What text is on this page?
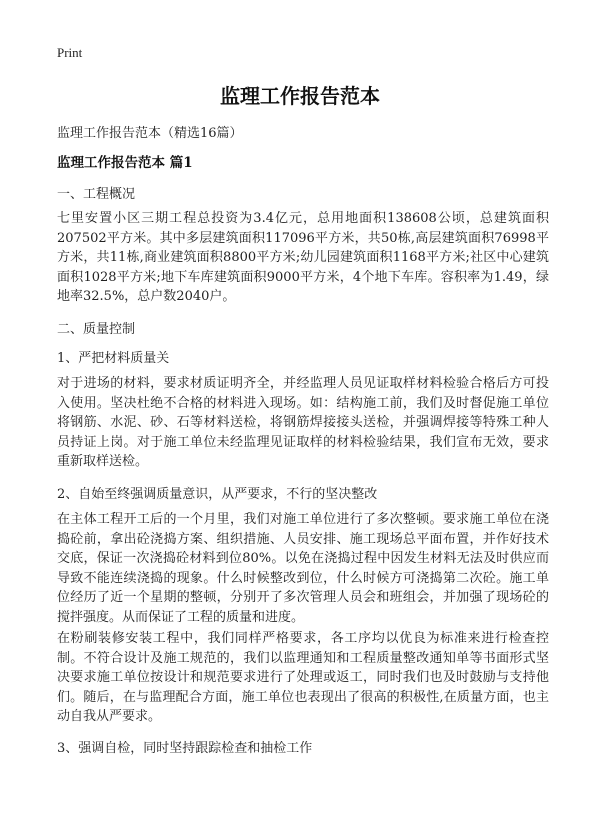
Print
监理工作报告范本
监理工作报告范本（精选16篇）
监理工作报告范本 篇1
一、工程概况
七里安置小区三期工程总投资为3.4亿元，总用地面积138608公顷，总建筑面积207502平方米。其中多层建筑面积117096平方米，共50栋,高层建筑面积76998平方米，共11栋,商业建筑面积8800平方米;幼儿园建筑面积1168平方米;社区中心建筑面积1028平方米;地下车库建筑面积9000平方米，4个地下车库。容积率为1.49，绿地率32.5%，总户数2040户。
二、质量控制
1、严把材料质量关
对于进场的材料，要求材质证明齐全，并经监理人员见证取样材料检验合格后方可投入使用。坚决杜绝不合格的材料进入现场。如：结构施工前，我们及时督促施工单位将钢筋、水泥、砂、石等材料送检，将钢筋焊接接头送检，并强调焊接等特殊工种人员持证上岗。对于施工单位未经监理见证取样的材料检验结果，我们宣布无效，要求重新取样送检。
2、自始至终强调质量意识，从严要求，不行的坚决整改
在主体工程开工后的一个月里，我们对施工单位进行了多次整顿。要求施工单位在浇捣砼前，拿出砼浇捣方案、组织措施、人员安排、施工现场总平面布置，并作好技术交底，保证一次浇捣砼材料到位80%。以免在浇捣过程中因发生材料无法及时供应而导致不能连续浇捣的现象。什么时候整改到位，什么时候方可浇捣第二次砼。施工单位经历了近一个星期的整顿，分别开了多次管理人员会和班组会，并加强了现场砼的搅拌强度。从而保证了工程的质量和进度。
在粉刷装修安装工程中，我们同样严格要求，各工序均以优良为标准来进行检查控制。不符合设计及施工规范的，我们以监理通知和工程质量整改通知单等书面形式坚决要求施工单位按设计和规范要求进行了处理或返工，同时我们也及时鼓励与支持他们。随后，在与监理配合方面，施工单位也表现出了很高的积极性,在质量方面，也主动自我从严要求。
3、强调自检，同时坚持跟踪检查和抽检工作
